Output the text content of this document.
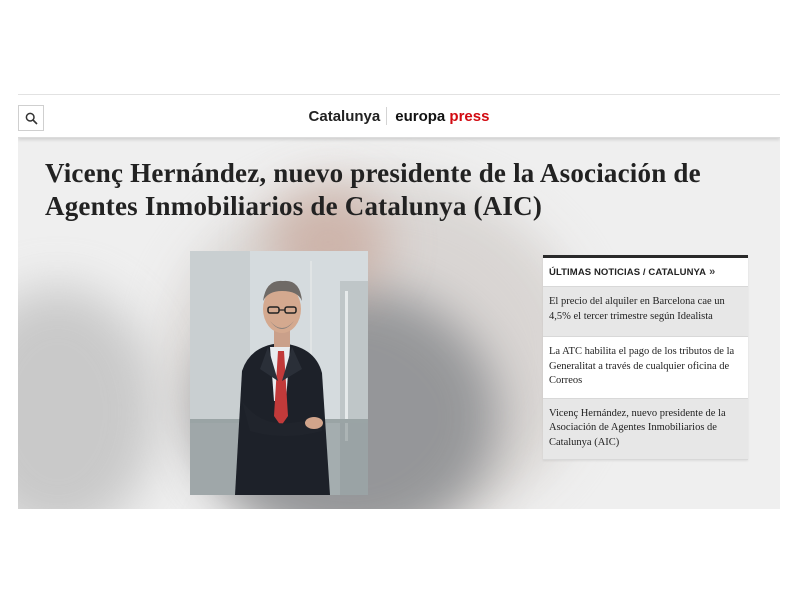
Catalunya europa press
Vicenç Hernández, nuevo presidente de la Asociación de Agentes Inmobiliarios de Catalunya (AIC)
ÚLTIMAS NOTICIAS / CATALUNYA »
El precio del alquiler en Barcelona cae un 4,5% el tercer trimestre según Idealista
La ATC habilita el pago de los tributos de la Generalitat a través de cualquier oficina de Correos
Vicenç Hernández, nuevo presidente de la Asociación de Agentes Inmobiliarios de Catalunya (AIC)
